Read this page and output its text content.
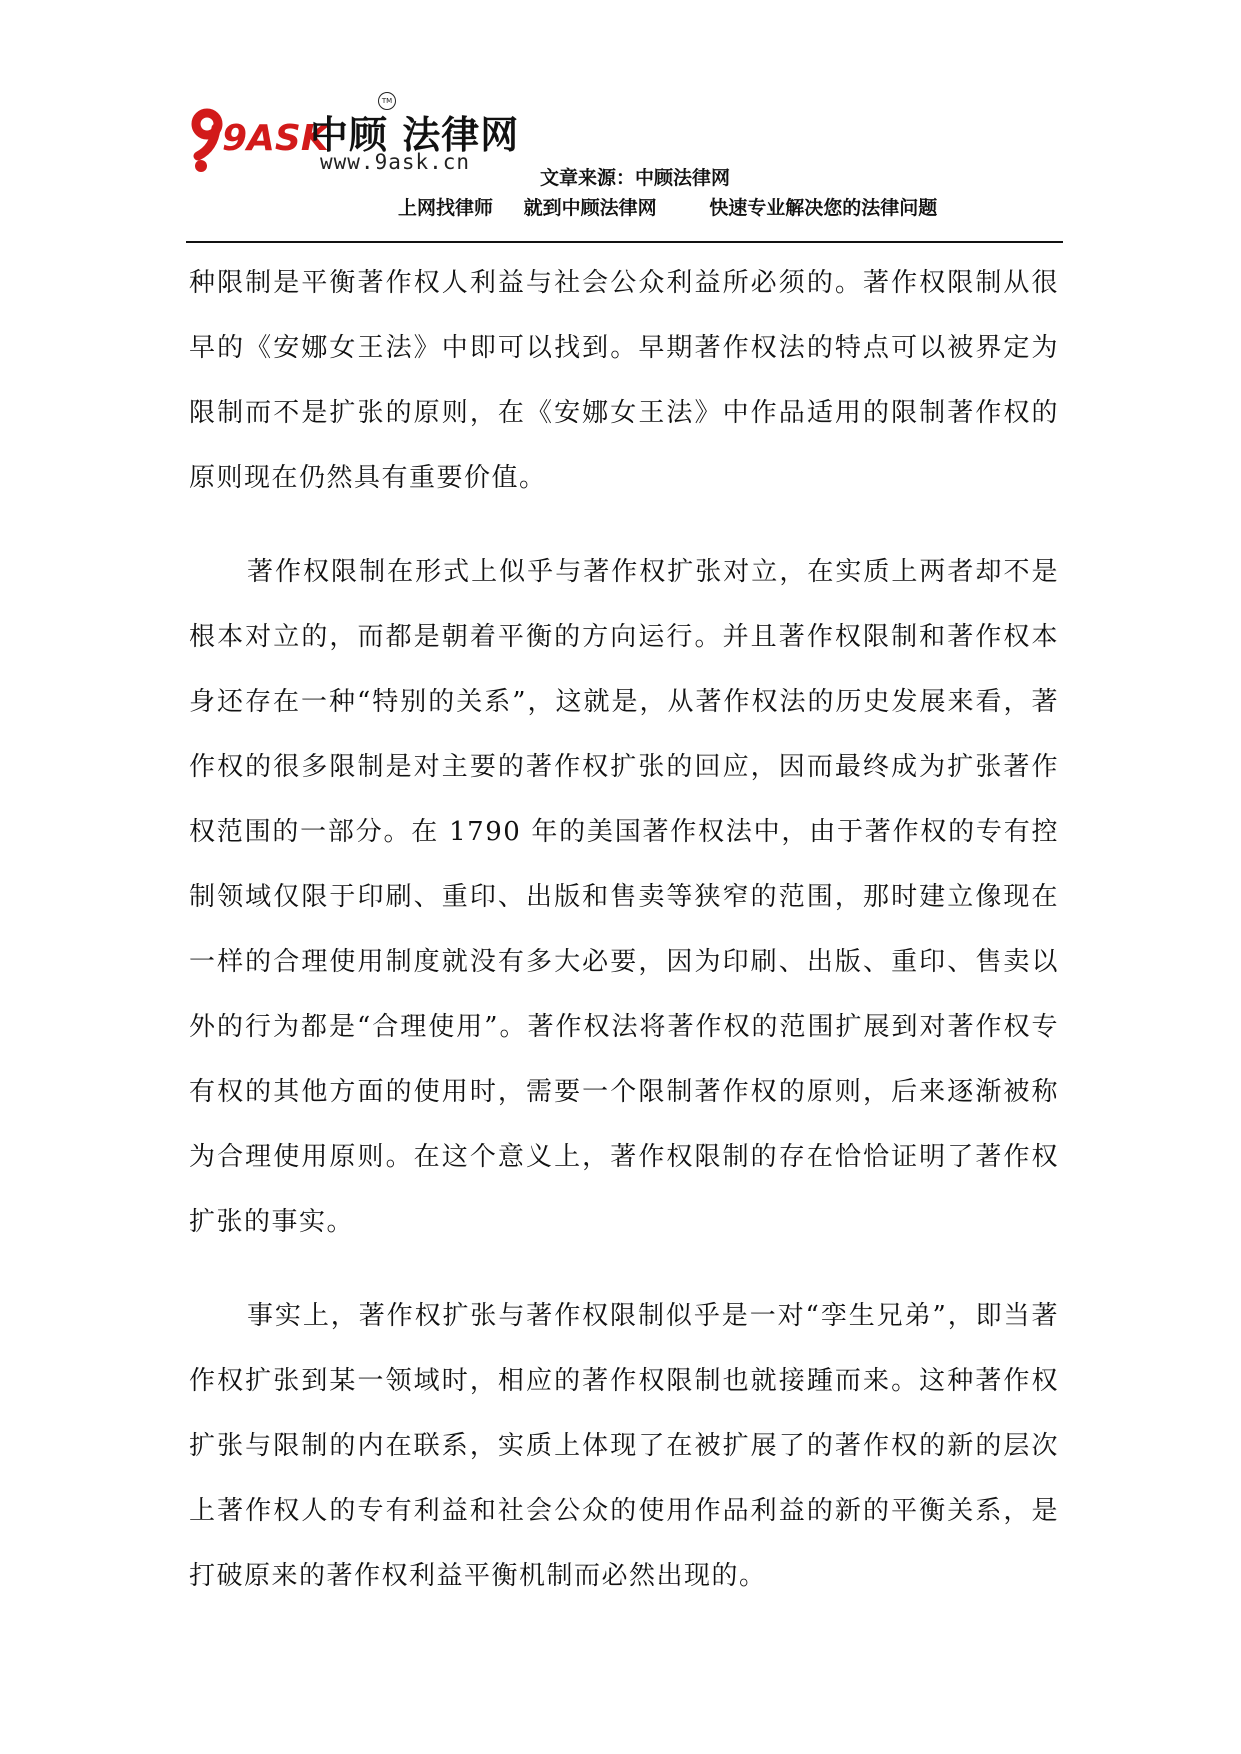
9ASK
中顾 法律网
TM
www.9ask.cn
文章来源：中顾法律网
上网找律师 就到中顾法律网	快速专业解决您的法律问题

种限制是平衡著作权人利益与社会公众利益所必须的。著作权限制从很早的《安娜女王法》中即可以找到。早期著作权法的特点可以被界定为限制而不是扩张的原则，在《安娜女王法》中作品适用的限制著作权的原则现在仍然具有重要价值。

著作权限制在形式上似乎与著作权扩张对立，在实质上两者却不是根本对立的，而都是朝着平衡的方向运行。并且著作权限制和著作权本身还存在一种“特别的关系”，这就是，从著作权法的历史发展来看，著作权的很多限制是对主要的著作权扩张的回应，因而最终成为扩张著作权范围的一部分。在 1790 年的美国著作权法中，由于著作权的专有控制领域仅限于印刷、重印、出版和售卖等狭窄的范围，那时建立像现在一样的合理使用制度就没有多大必要，因为印刷、出版、重印、售卖以外的行为都是“合理使用”。著作权法将著作权的范围扩展到对著作权专有权的其他方面的使用时，需要一个限制著作权的原则，后来逐渐被称为合理使用原则。在这个意义上，著作权限制的存在恰恰证明了著作权扩张的事实。

事实上，著作权扩张与著作权限制似乎是一对“孪生兄弟”，即当著作权扩张到某一领域时，相应的著作权限制也就接踵而来。这种著作权扩张与限制的内在联系，实质上体现了在被扩展了的著作权的新的层次上著作权人的专有利益和社会公众的使用作品利益的新的平衡关系，是打破原来的著作权利益平衡机制而必然出现的。
